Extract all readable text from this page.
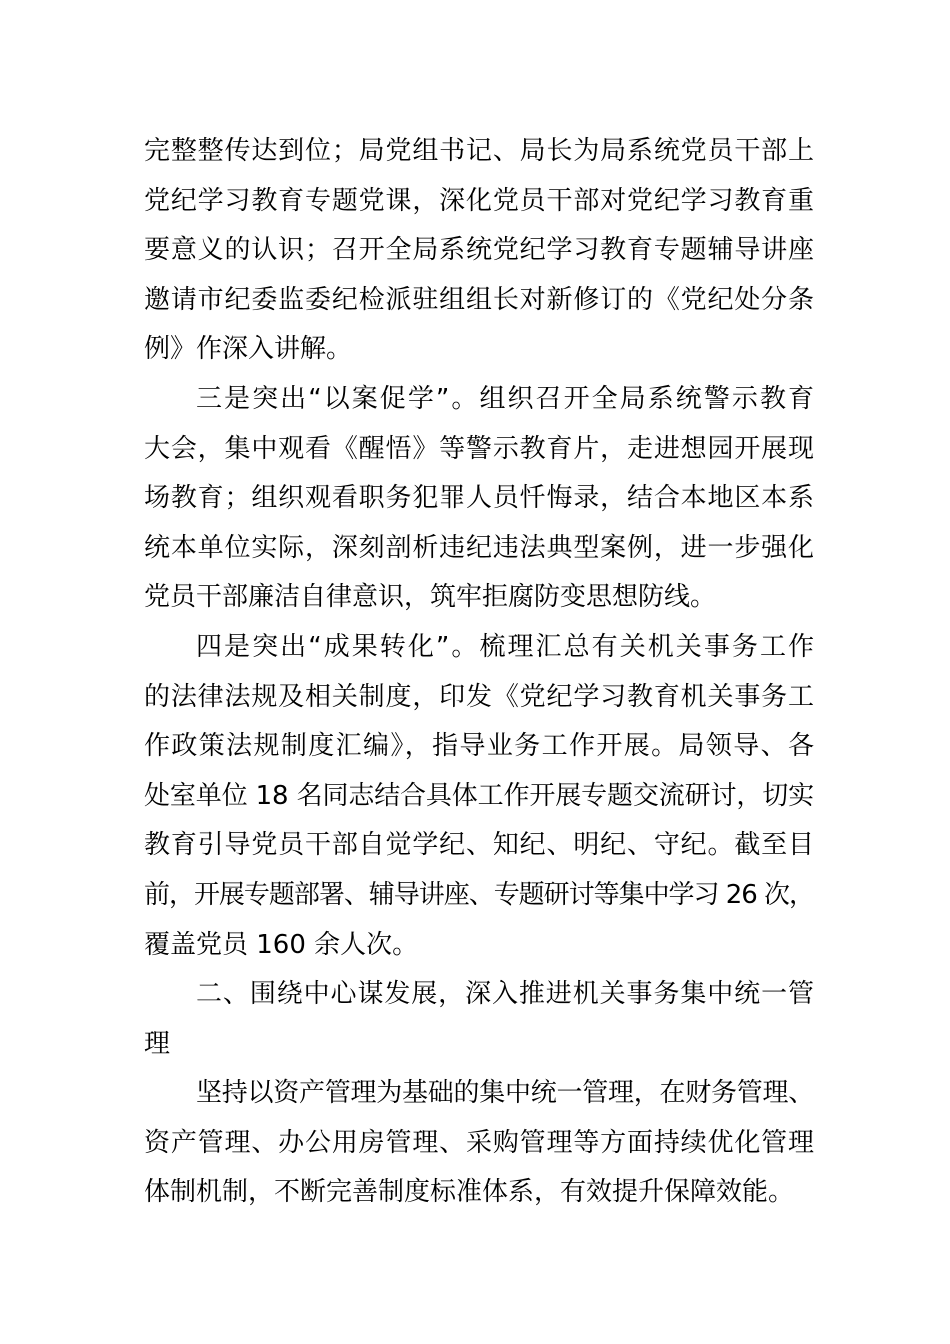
完整整传达到位；局党组书记、局长为局系统党员干部上
党纪学习教育专题党课，深化党员干部对党纪学习教育重
要意义的认识；召开全局系统党纪学习教育专题辅导讲座
邀请市纪委监委纪检派驻组组长对新修订的《党纪处分条
例》作深入讲解。
三是突出“以案促学”。组织召开全局系统警示教育
大会，集中观看《醒悟》等警示教育片，走进想园开展现
场教育；组织观看职务犯罪人员忏悔录，结合本地区本系
统本单位实际，深刻剖析违纪违法典型案例，进一步强化
党员干部廉洁自律意识，筑牢拒腐防变思想防线。
四是突出“成果转化”。梳理汇总有关机关事务工作
的法律法规及相关制度，印发《党纪学习教育机关事务工
作政策法规制度汇编》，指导业务工作开展。局领导、各
处室单位 18 名同志结合具体工作开展专题交流研讨，切实
教育引导党员干部自觉学纪、知纪、明纪、守纪。截至目
前，开展专题部署、辅导讲座、专题研讨等集中学习 26 次，
覆盖党员 160 余人次。
二、围绕中心谋发展，深入推进机关事务集中统一管
理
坚持以资产管理为基础的集中统一管理，在财务管理、
资产管理、办公用房管理、采购管理等方面持续优化管理
体制机制，不断完善制度标准体系，有效提升保障效能。
